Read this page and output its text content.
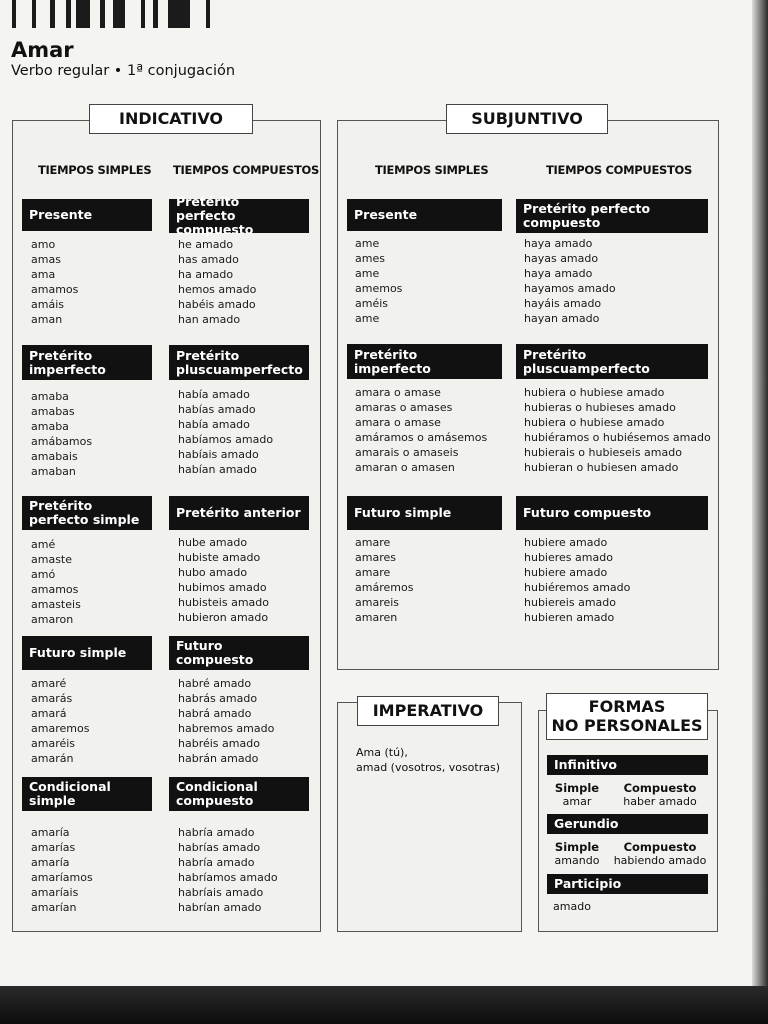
Amar
Verbo regular • 1ª conjugación
INDICATIVO
TIEMPOS SIMPLES TIEMPOS COMPUESTOS
Presente
amo
amas
ama
amamos
amáis
aman
Pretérito perfecto
compuesto
he amado
has amado
ha amado
hemos amado
habéis amado
han amado
Pretérito
imperfecto
amaba
amabas
amaba
amábamos
amabais
amaban
Pretérito
pluscuamperfecto
había amado
habías amado
había amado
habíamos amado
habíais amado
habían amado
Pretérito
perfecto simple
amé
amaste
amó
amamos
amasteis
amaron
Pretérito anterior
hube amado
hubiste amado
hubo amado
hubimos amado
hubisteis amado
hubieron amado
Futuro simple
amaré
amarás
amará
amaremos
amaréis
amarán
Futuro compuesto
habré amado
habrás amado
habrá amado
habremos amado
habréis amado
habrán amado
Condicional simple
amaría
amarías
amaría
amaríamos
amaríais
amarían
Condicional
compuesto
habría amado
habrías amado
habría amado
habríamos amado
habríais amado
habrían amado
SUBJUNTIVO
TIEMPOS SIMPLES	TIEMPOS COMPUESTOS
Presente
ame
ames
ame
amemos
améis
ame
Pretérito perfecto
compuesto
haya amado
hayas amado
haya amado
hayamos amado
hayáis amado
hayan amado
Pretérito
imperfecto
amara o amase
amaras o amases
amara o amase
amáramos o amásemos
amarais o amaseis
amaran o amasen
Pretérito
pluscuamperfecto
hubiera o hubiese amado
hubieras o hubieses amado
hubiera o hubiese amado
hubiéramos o hubiésemos amado
hubierais o hubieseis amado
hubieran o hubiesen amado
Futuro simple
amare
amares
amare
amáremos
amareis
amaren
Futuro compuesto
hubiere amado
hubieres amado
hubiere amado
hubiéremos amado
hubiereis amado
hubieren amado
Ama (tú),
amad (vosotros, vosotras)
IMPERATIVO	FORMAS
NO PERSONALES
Infinitivo
Simple
amar
Compuesto
haber amado
Gerundio
Simple
amando
Compuesto
habiendo amado
Participio
amado
